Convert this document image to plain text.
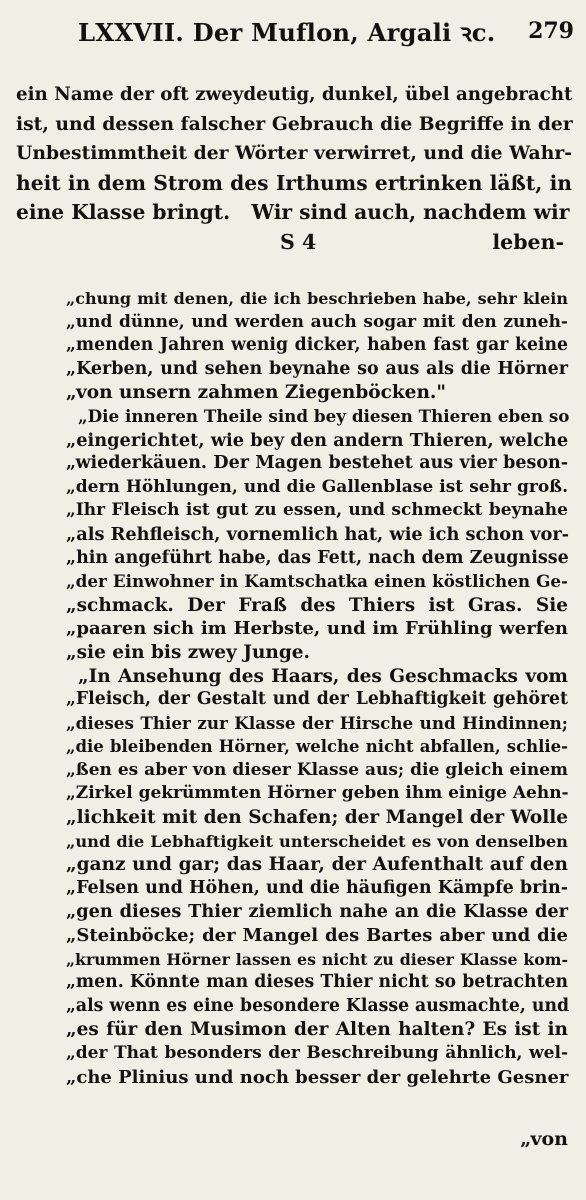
LXXVII. Der Muflon, Argali ꝛc. 279
ein Name der oft zweydeutig, dunkel, übel angebracht
ist, und dessen falscher Gebrauch die Begriffe in der
Unbestimmtheit der Wörter verwirret, und die Wahr-
heit in dem Strom des Irthums ertrinken läßt, in
eine Klasse bringt.   Wir sind auch, nachdem wir
S 4	leben-
„chung mit denen, die ich beschrieben habe, sehr klein
„und dünne, und werden auch sogar mit den zuneh-
„menden Jahren wenig dicker, haben fast gar keine
„Kerben, und sehen beynahe so aus als die Hörner
„von unsern zahmen Ziegenböcken."
„Die inneren Theile sind bey diesen Thieren eben so
„eingerichtet, wie bey den andern Thieren, welche
„wiederkäuen. Der Magen bestehet aus vier beson-
„dern Höhlungen, und die Gallenblase ist sehr groß.
„Ihr Fleisch ist gut zu essen, und schmeckt beynahe
„als Rehfleisch, vornemlich hat, wie ich schon vor-
„hin angeführt habe, das Fett, nach dem Zeugnisse
„der Einwohner in Kamtschatka einen köstlichen Ge-
„schmack. Der Fraß des Thiers ist Gras. Sie
„paaren sich im Herbste, und im Frühling werfen
„sie ein bis zwey Junge.
„In Ansehung des Haars, des Geschmacks vom
„Fleisch, der Gestalt und der Lebhaftigkeit gehöret
„dieses Thier zur Klasse der Hirsche und Hindinnen;
„die bleibenden Hörner, welche nicht abfallen, schlie-
„ßen es aber von dieser Klasse aus; die gleich einem
„Zirkel gekrümmten Hörner geben ihm einige Aehn-
„lichkeit mit den Schafen; der Mangel der Wolle
„und die Lebhaftigkeit unterscheidet es von denselben
„ganz und gar; das Haar, der Aufenthalt auf den
„Felsen und Höhen, und die häufigen Kämpfe brin-
„gen dieses Thier ziemlich nahe an die Klasse der
„Steinböcke; der Mangel des Bartes aber und die
„krummen Hörner lassen es nicht zu dieser Klasse kom-
„men. Könnte man dieses Thier nicht so betrachten
„als wenn es eine besondere Klasse ausmachte, und
„es für den Musimon der Alten halten? Es ist in
„der That besonders der Beschreibung ähnlich, wel-
„che Plinius und noch besser der gelehrte Gesner
„von
